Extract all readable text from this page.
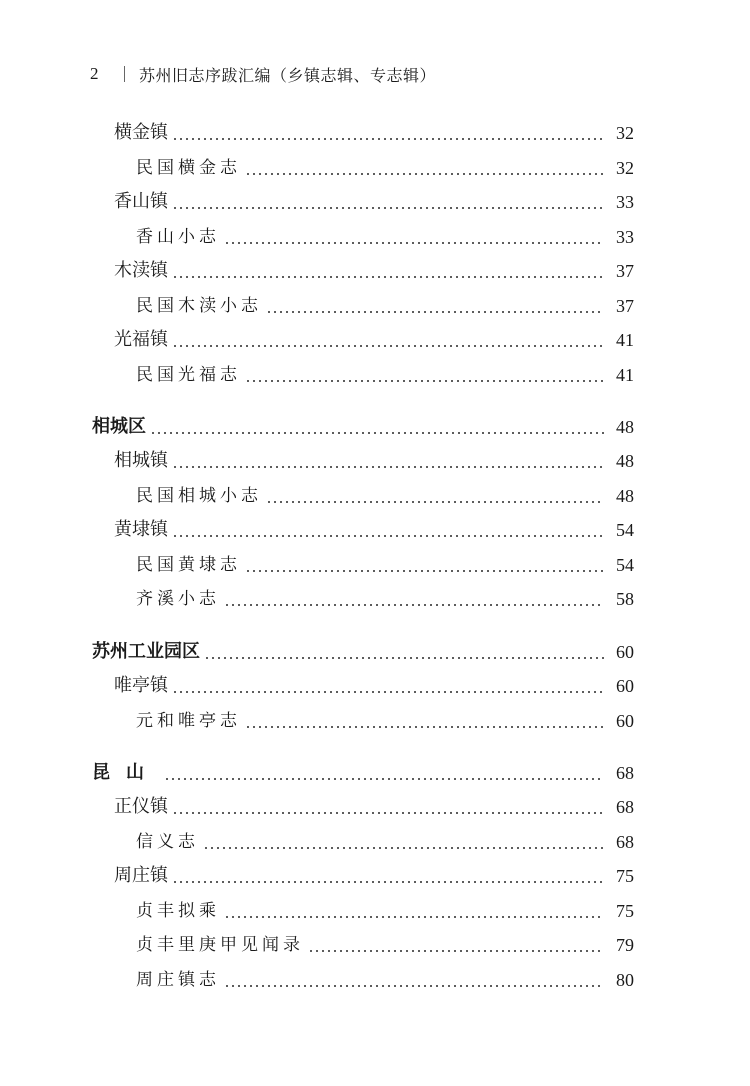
2	苏州旧志序跋汇编（乡镇志辑、专志辑）
横金镇	32
民国横金志	32
香山镇	33
香山小志	33
木渎镇	37
民国木渎小志	37
光福镇	41
民国光福志	41
相城区	48
相城镇	48
民国相城小志	48
黄埭镇	54
民国黄埭志	54
齐溪小志	58
苏州工业园区	60
唯亭镇	60
元和唯亭志	60
昆山	68
正仪镇	68
信义志	68
周庄镇	75
贞丰拟乘	75
贞丰里庚甲见闻录	79
周庄镇志	80
